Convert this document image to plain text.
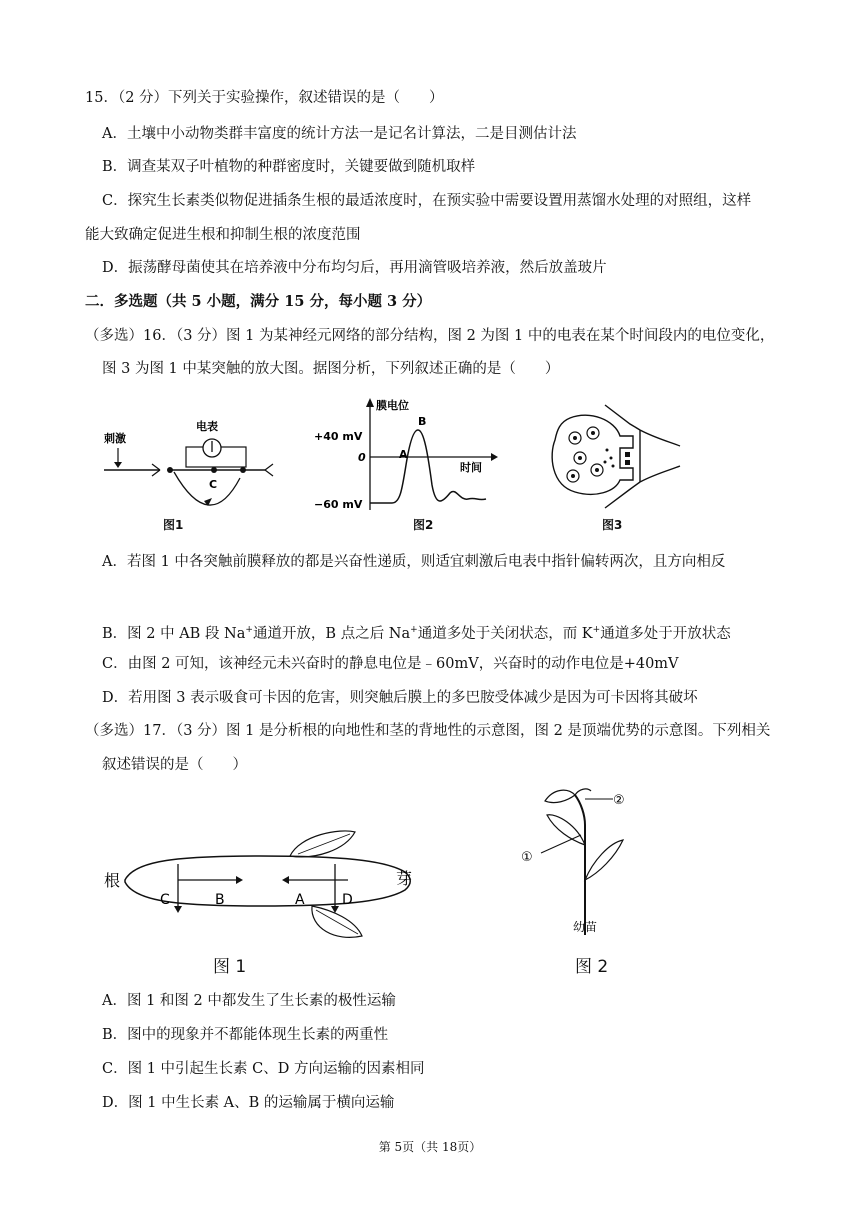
15．（2 分）下列关于实验操作，叙述错误的是（　　）
A．土壤中小动物类群丰富度的统计方法一是记名计算法，二是目测估计法
B．调查某双子叶植物的种群密度时，关键要做到随机取样
C．探究生长素类似物促进插条生根的最适浓度时，在预实验中需要设置用蒸馏水处理的对照组，这样
能大致确定促进生根和抑制生根的浓度范围
D．振荡酵母菌使其在培养液中分布均匀后，再用滴管吸培养液，然后放盖玻片
二．多选题（共 5 小题，满分 15 分，每小题 3 分）
（多选）16．（3 分）图 1 为某神经元网络的部分结构，图 2 为图 1 中的电表在某个时间段内的电位变化，
图 3 为图 1 中某突触的放大图。据图分析，下列叙述正确的是（　　）
刺激
电表
C
图1
膜电位
时间
+40 mV
0
−60 mV
A
B
图2	图3
A．若图 1 中各突触前膜释放的都是兴奋性递质，则适宜刺激后电表中指针偏转两次，且方向相反
B．图 2 中 AB 段 Na+通道开放，B 点之后 Na+通道多处于关闭状态，而 K+通道多处于开放状态
C．由图 2 可知，该神经元未兴奋时的静息电位是﹣60mV，兴奋时的动作电位是+40mV
D．若用图 3 表示吸食可卡因的危害，则突触后膜上的多巴胺受体减少是因为可卡因将其破坏
（多选）17．（3 分）图 1 是分析根的向地性和茎的背地性的示意图，图 2 是顶端优势的示意图。下列相关
叙述错误的是（　　）
根	芽
C	B	A	D
图 1
②
①
幼苗
图 2
A．图 1 和图 2 中都发生了生长素的极性运输
B．图中的现象并不都能体现生长素的两重性
C．图 1 中引起生长素 C、D 方向运输的因素相同
D．图 1 中生长素 A、B 的运输属于横向运输
第 5页（共 18页）
